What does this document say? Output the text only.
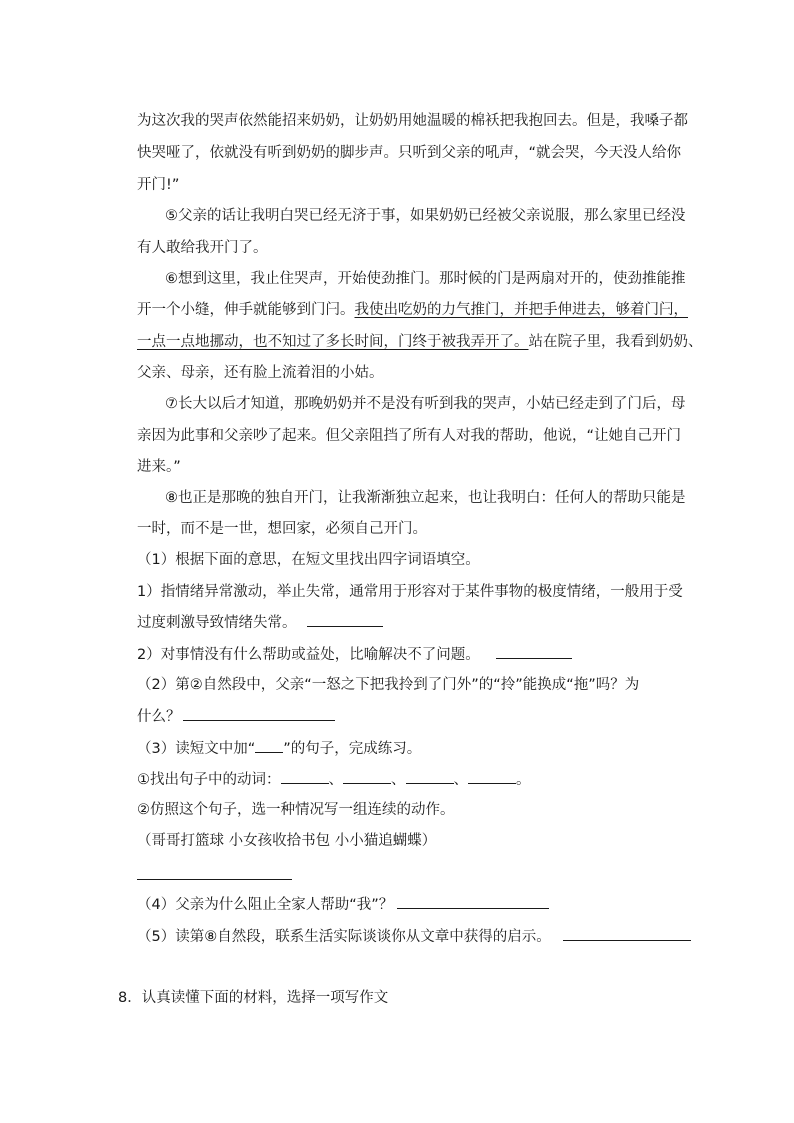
为这次我的哭声依然能招来奶奶，让奶奶用她温暖的棉袄把我抱回去。但是，我嗓子都
快哭哑了，依就没有听到奶奶的脚步声。只听到父亲的吼声，“就会哭，今天没人给你
开门!”
⑤父亲的话让我明白哭已经无济于事，如果奶奶已经被父亲说服，那么家里已经没
有人敢给我开门了。
⑥想到这里，我止住哭声，开始使劲推门。那时候的门是两扇对开的，使劲推能推
开一个小缝，伸手就能够到门闩。我使出吃奶的力气推门，并把手伸进去，够着门闩，
一点一点地挪动，也不知过了多长时间，门终于被我弄开了。站在院子里，我看到奶奶、
父亲、母亲，还有脸上流着泪的小姑。
⑦长大以后才知道，那晚奶奶并不是没有听到我的哭声，小姑已经走到了门后，母
亲因为此事和父亲吵了起来。但父亲阻挡了所有人对我的帮助，他说，“让她自己开门
进来。”
⑧也正是那晚的独自开门，让我渐渐独立起来，也让我明白：任何人的帮助只能是
一时，而不是一世，想回家，必须自己开门。
（1）根据下面的意思，在短文里找出四字词语填空。
1）指情绪异常激动，举止失常，通常用于形容对于某件事物的极度情绪，一般用于受
过度刺激导致情绪失常。
2）对事情没有什么帮助或益处，比喻解决不了问题。
（2）第②自然段中，父亲“一怒之下把我拎到了门外”的“拎”能换成“拖”吗？为
什么？
（3）读短文中加“ ”的句子，完成练习。
①找出句子中的动词：	、	、	、	。
②仿照这个句子，选一种情况写一组连续的动作。
（哥哥打篮球 小女孩收拾书包 小小猫追蝴蝶）
（4）父亲为什么阻止全家人帮助“我”？
（5）读第⑧自然段，联系生活实际谈谈你从文章中获得的启示。
8．认真读懂下面的材料，选择一项写作文
